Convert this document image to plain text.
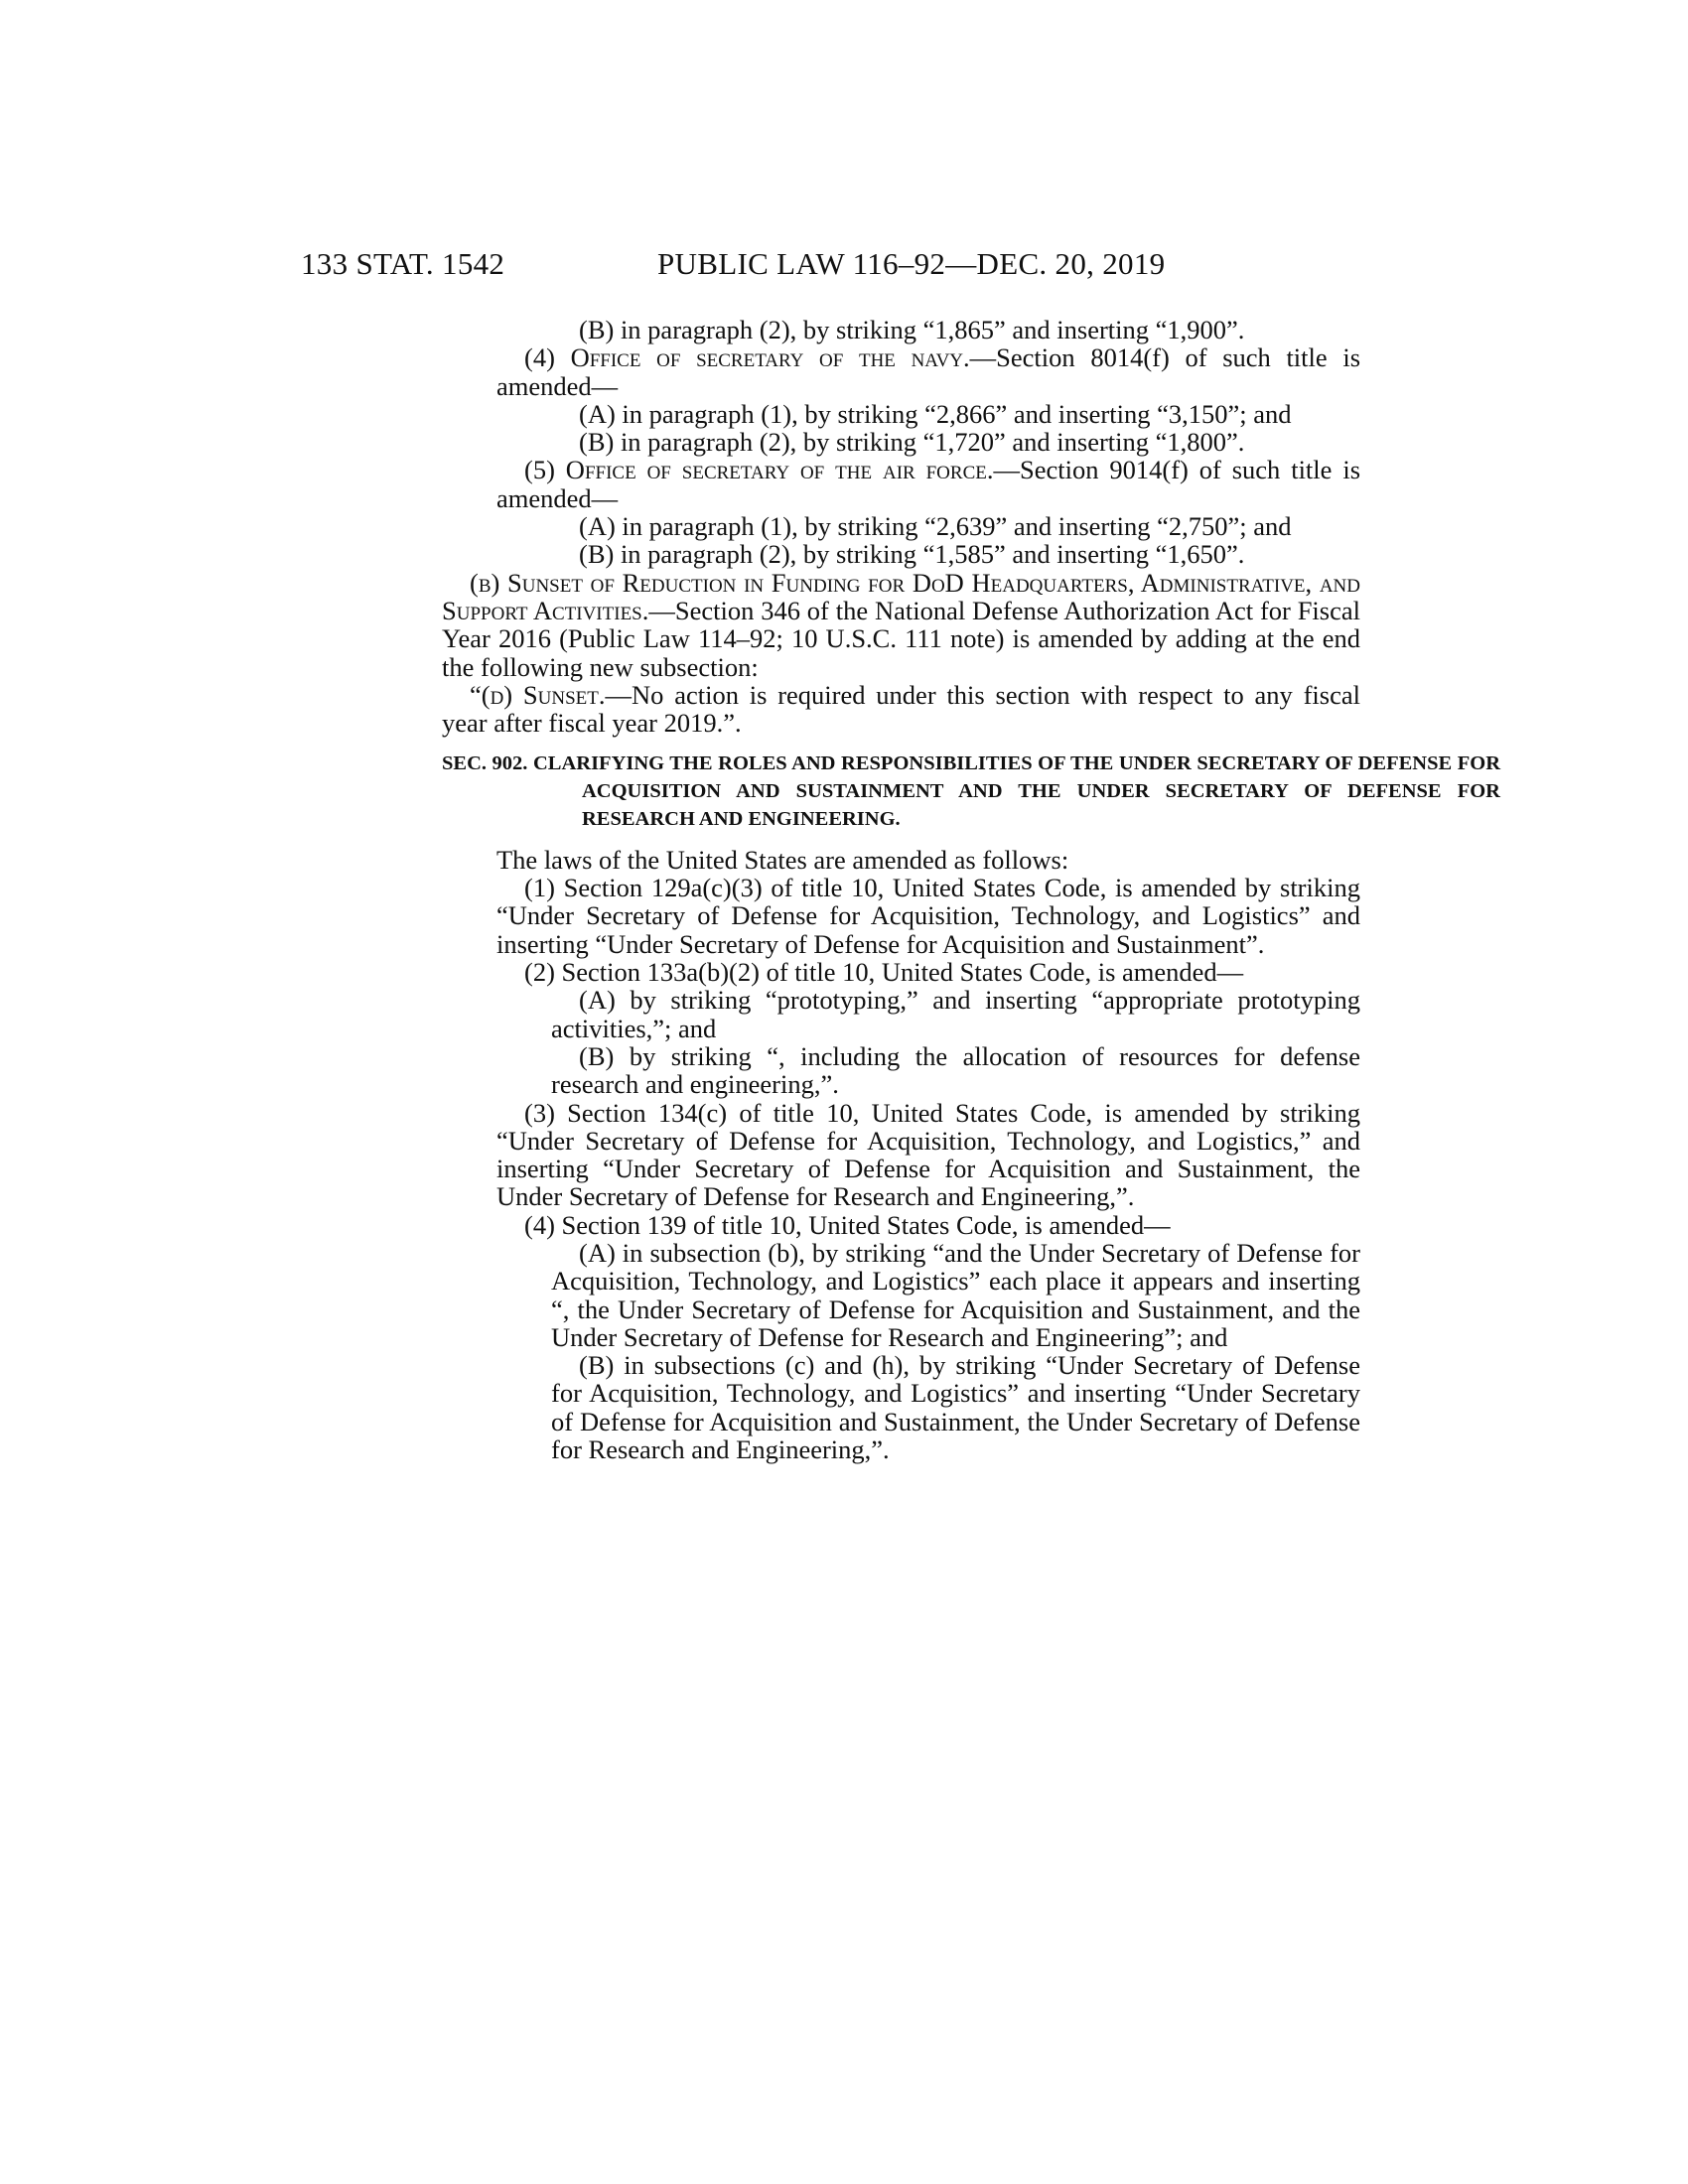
133 STAT. 1542	PUBLIC LAW 116–92—DEC. 20, 2019

(B) in paragraph (2), by striking “1,865” and inserting “1,900”.

(4) Office of secretary of the navy.—Section 8014(f) of such title is amended—

(A) in paragraph (1), by striking “2,866” and inserting “3,150”; and

(B) in paragraph (2), by striking “1,720” and inserting “1,800”.

(5) Office of secretary of the air force.—Section 9014(f) of such title is amended—

(A) in paragraph (1), by striking “2,639” and inserting “2,750”; and

(B) in paragraph (2), by striking “1,585” and inserting “1,650”.

(b) Sunset of Reduction in Funding for DoD Headquarters, Administrative, and Support Activities.—Section 346 of the National Defense Authorization Act for Fiscal Year 2016 (Public Law 114–92; 10 U.S.C. 111 note) is amended by adding at the end the following new subsection:

“(d) Sunset.—No action is required under this section with respect to any fiscal year after fiscal year 2019.”.

SEC. 902. CLARIFYING THE ROLES AND RESPONSIBILITIES OF THE UNDER SECRETARY OF DEFENSE FOR ACQUISITION AND SUSTAINMENT AND THE UNDER SECRETARY OF DEFENSE FOR RESEARCH AND ENGINEERING.

The laws of the United States are amended as follows:

(1) Section 129a(c)(3) of title 10, United States Code, is amended by striking “Under Secretary of Defense for Acquisition, Technology, and Logistics” and inserting “Under Secretary of Defense for Acquisition and Sustainment”.

(2) Section 133a(b)(2) of title 10, United States Code, is amended—

(A) by striking “prototyping,” and inserting “appropriate prototyping activities,”; and

(B) by striking “, including the allocation of resources for defense research and engineering,”.

(3) Section 134(c) of title 10, United States Code, is amended by striking “Under Secretary of Defense for Acquisition, Technology, and Logistics,” and inserting “Under Secretary of Defense for Acquisition and Sustainment, the Under Secretary of Defense for Research and Engineering,”.

(4) Section 139 of title 10, United States Code, is amended—

(A) in subsection (b), by striking “and the Under Secretary of Defense for Acquisition, Technology, and Logistics” each place it appears and inserting “, the Under Secretary of Defense for Acquisition and Sustainment, and the Under Secretary of Defense for Research and Engineering”; and

(B) in subsections (c) and (h), by striking “Under Secretary of Defense for Acquisition, Technology, and Logistics” and inserting “Under Secretary of Defense for Acquisition and Sustainment, the Under Secretary of Defense for Research and Engineering,”.
